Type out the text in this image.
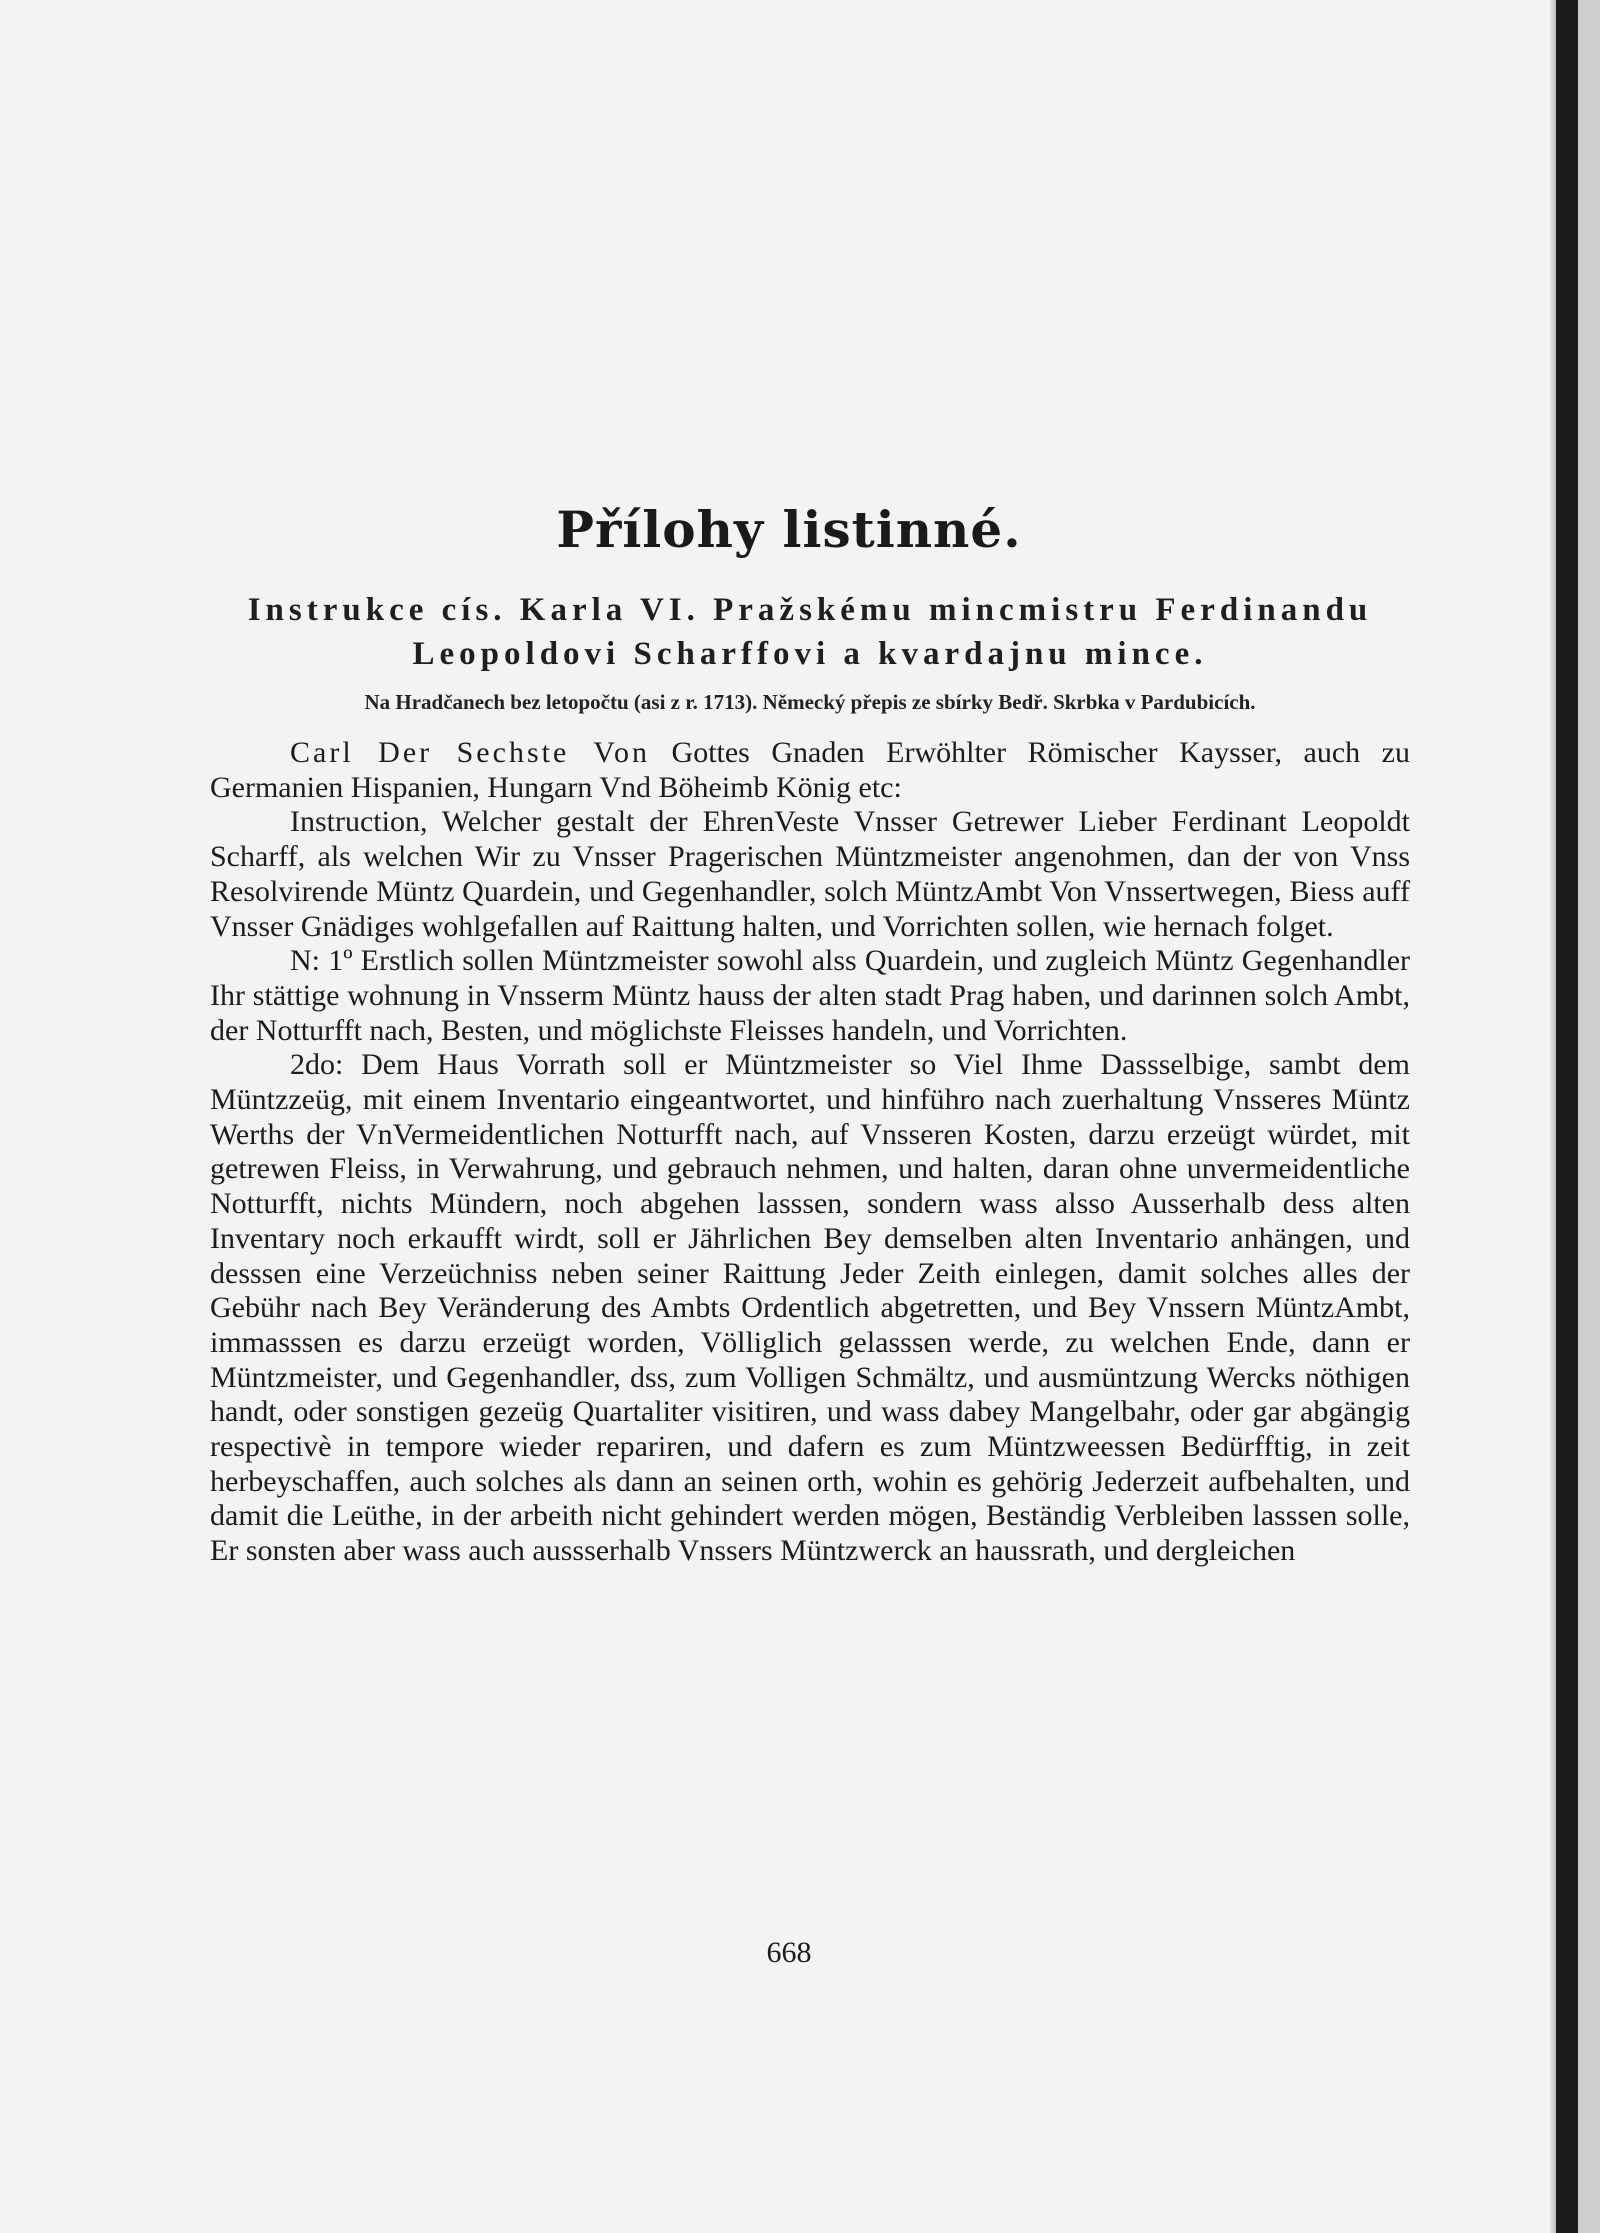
Přílohy listinné.
Instrukce cís. Karla VI. Pražskému mincmistru Ferdinandu
Leopoldovi Scharffovi a kvardajnu mince.
Na Hradčanech bez letopočtu (asi z r. 1713). Německý přepis ze sbírky Bedř. Skrbka v Pardubicích.

Carl Der Sechste Von Gottes Gnaden Erwöhlter Römischer Kaysser, auch zu Germanien Hispanien, Hungarn Vnd Böheimb König etc:

Instruction, Welcher gestalt der EhrenVeste Vnsser Getrewer Lieber Ferdinant Leopoldt Scharff, als welchen Wir zu Vnsser Pragerischen Müntzmeister angenohmen, dan der von Vnss Resolvirende Müntz Quardein, und Gegenhandler, solch MüntzAmbt Von Vnssertwegen, Biess auff Vnsser Gnädiges wohlgefallen auf Raittung halten, und Vorrichten sollen, wie hernach folget.

N: 1º Erstlich sollen Müntzmeister sowohl alss Quardein, und zugleich Müntz Gegenhandler Ihr stättige wohnung in Vnsserm Müntz hauss der alten stadt Prag haben, und darinnen solch Ambt, der Notturfft nach, Besten, und möglichste Fleisses handeln, und Vorrichten.

2do: Dem Haus Vorrath soll er Müntzmeister so Viel Ihme Dassselbige, sambt dem Müntzzeüg, mit einem Inventario eingeantwortet, und hinführo nach zuerhaltung Vnsseres Müntz Werths der VnVermeidentlichen Notturfft nach, auf Vnsseren Kosten, darzu erzeügt würdet, mit getrewen Fleiss, in Verwahrung, und gebrauch nehmen, und halten, daran ohne unvermeidentliche Notturfft, nichts Mündern, noch abgehen lasssen, sondern wass alsso Ausserhalb dess alten Inventary noch erkaufft wirdt, soll er Jährlichen Bey demselben alten Inventario anhängen, und desssen eine Verzeüchniss neben seiner Raittung Jeder Zeith einlegen, damit solches alles der Gebühr nach Bey Veränderung des Ambts Ordentlich abgetretten, und Bey Vnssern MüntzAmbt, immasssen es darzu erzeügt worden, Völliglich gelasssen werde, zu welchen Ende, dann er Müntzmeister, und Gegenhandler, dss, zum Volligen Schmältz, und ausmüntzung Wercks nöthigen handt, oder sonstigen gezeüg Quartaliter visitiren, und wass dabey Mangelbahr, oder gar abgängig respectivè in tempore wieder repariren, und dafern es zum Müntzweessen Bedürfftig, in zeit herbeyschaffen, auch solches als dann an seinen orth, wohin es gehörig Jederzeit aufbehalten, und damit die Leüthe, in der arbeith nicht gehindert werden mögen, Beständig Verbleiben lasssen solle, Er sonsten aber wass auch aussserhalb Vnssers Müntzwerck an haussrath, und dergleichen

668
